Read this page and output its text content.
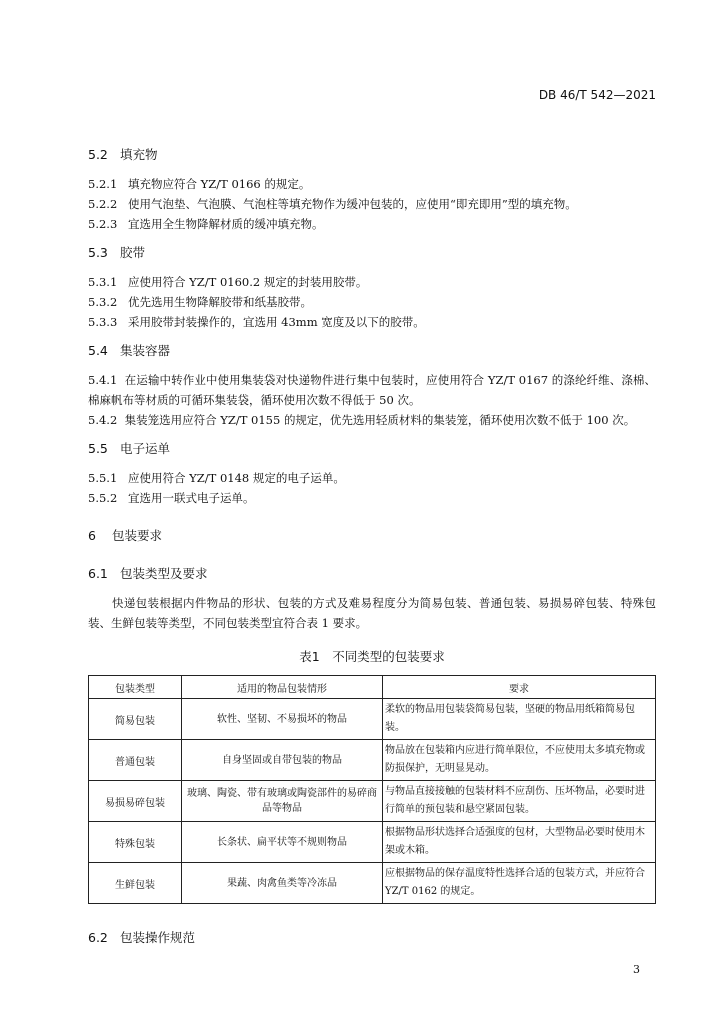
DB 46/T 542—2021
5.2 填充物
5.2.1 填充物应符合 YZ/T 0166 的规定。
5.2.2 使用气泡垫、气泡膜、气泡柱等填充物作为缓冲包装的，应使用“即充即用”型的填充物。
5.2.3 宜选用全生物降解材质的缓冲填充物。
5.3 胶带
5.3.1 应使用符合 YZ/T 0160.2 规定的封装用胶带。
5.3.2 优先选用生物降解胶带和纸基胶带。
5.3.3 采用胶带封装操作的，宜选用 43mm 宽度及以下的胶带。
5.4 集装容器
5.4.1 在运输中转作业中使用集装袋对快递物件进行集中包装时，应使用符合 YZ/T 0167 的涤纶纤维、涤棉、棉麻帆布等材质的可循环集装袋，循环使用次数不得低于 50 次。
5.4.2 集装笼选用应符合 YZ/T 0155 的规定，优先选用轻质材料的集装笼，循环使用次数不低于 100 次。
5.5 电子运单
5.5.1 应使用符合 YZ/T 0148 规定的电子运单。
5.5.2 宜选用一联式电子运单。
6 包装要求
6.1 包装类型及要求
快递包装根据内件物品的形状、包装的方式及难易程度分为简易包装、普通包装、易损易碎包装、特殊包装、生鲜包装等类型，不同包装类型宜符合表 1 要求。
表1　不同类型的包装要求
包装类型	适用的物品包装情形	要求
简易包装	软性、坚韧、不易损坏的物品	柔软的物品用包装袋简易包装，坚硬的物品用纸箱简易包装。
普通包装	自身坚固或自带包装的物品	物品放在包装箱内应进行简单限位，不应使用太多填充物或防损保护，无明显晃动。
易损易碎包装	玻璃、陶瓷、带有玻璃或陶瓷部件的易碎商品等物品	与物品直接接触的包装材料不应刮伤、压坏物品，必要时进行简单的预包装和悬空紧固包装。
特殊包装	长条状、扁平状等不规则物品	根据物品形状选择合适强度的包材，大型物品必要时使用木架或木箱。
生鲜包装	果蔬、肉禽鱼类等冷冻品	应根据物品的保存温度特性选择合适的包装方式，并应符合 YZ/T 0162 的规定。
6.2 包装操作规范
3
